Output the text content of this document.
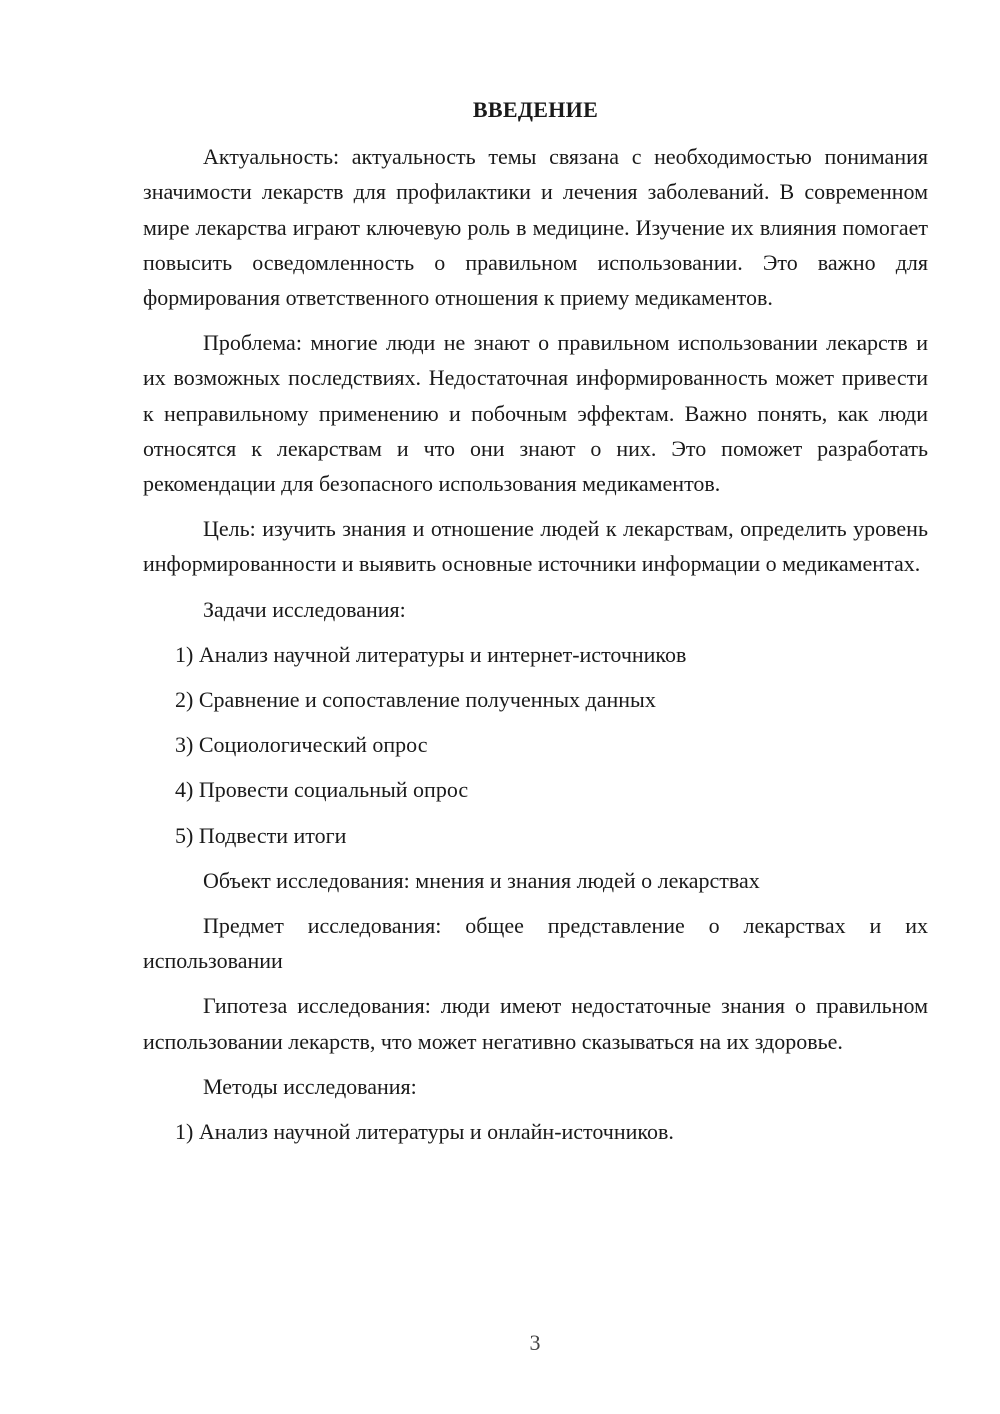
ВВЕДЕНИЕ

Актуальность: актуальность темы связана с необходимостью понимания значимости лекарств для профилактики и лечения заболеваний. В современном мире лекарства играют ключевую роль в медицине. Изучение их влияния помогает повысить осведомленность о правильном использовании. Это важно для формирования ответственного отношения к приему медикаментов.

Проблема: многие люди не знают о правильном использовании лекарств и их возможных последствиях. Недостаточная информированность может привести к неправильному применению и побочным эффектам. Важно понять, как люди относятся к лекарствам и что они знают о них. Это поможет разработать рекомендации для безопасного использования медикаментов.

Цель: изучить знания и отношение людей к лекарствам, определить уровень информированности и выявить основные источники информации о медикаментах.

Задачи исследования:

1) Анализ научной литературы и интернет-источников

2) Сравнение и сопоставление полученных данных

3) Социологический опрос

4) Провести социальный опрос

5) Подвести итоги

Объект исследования: мнения и знания людей о лекарствах

Предмет исследования: общее представление о лекарствах и их использовании

Гипотеза исследования: люди имеют недостаточные знания о правильном использовании лекарств, что может негативно сказываться на их здоровье.

Методы исследования:

1) Анализ научной литературы и онлайн-источников.

3
